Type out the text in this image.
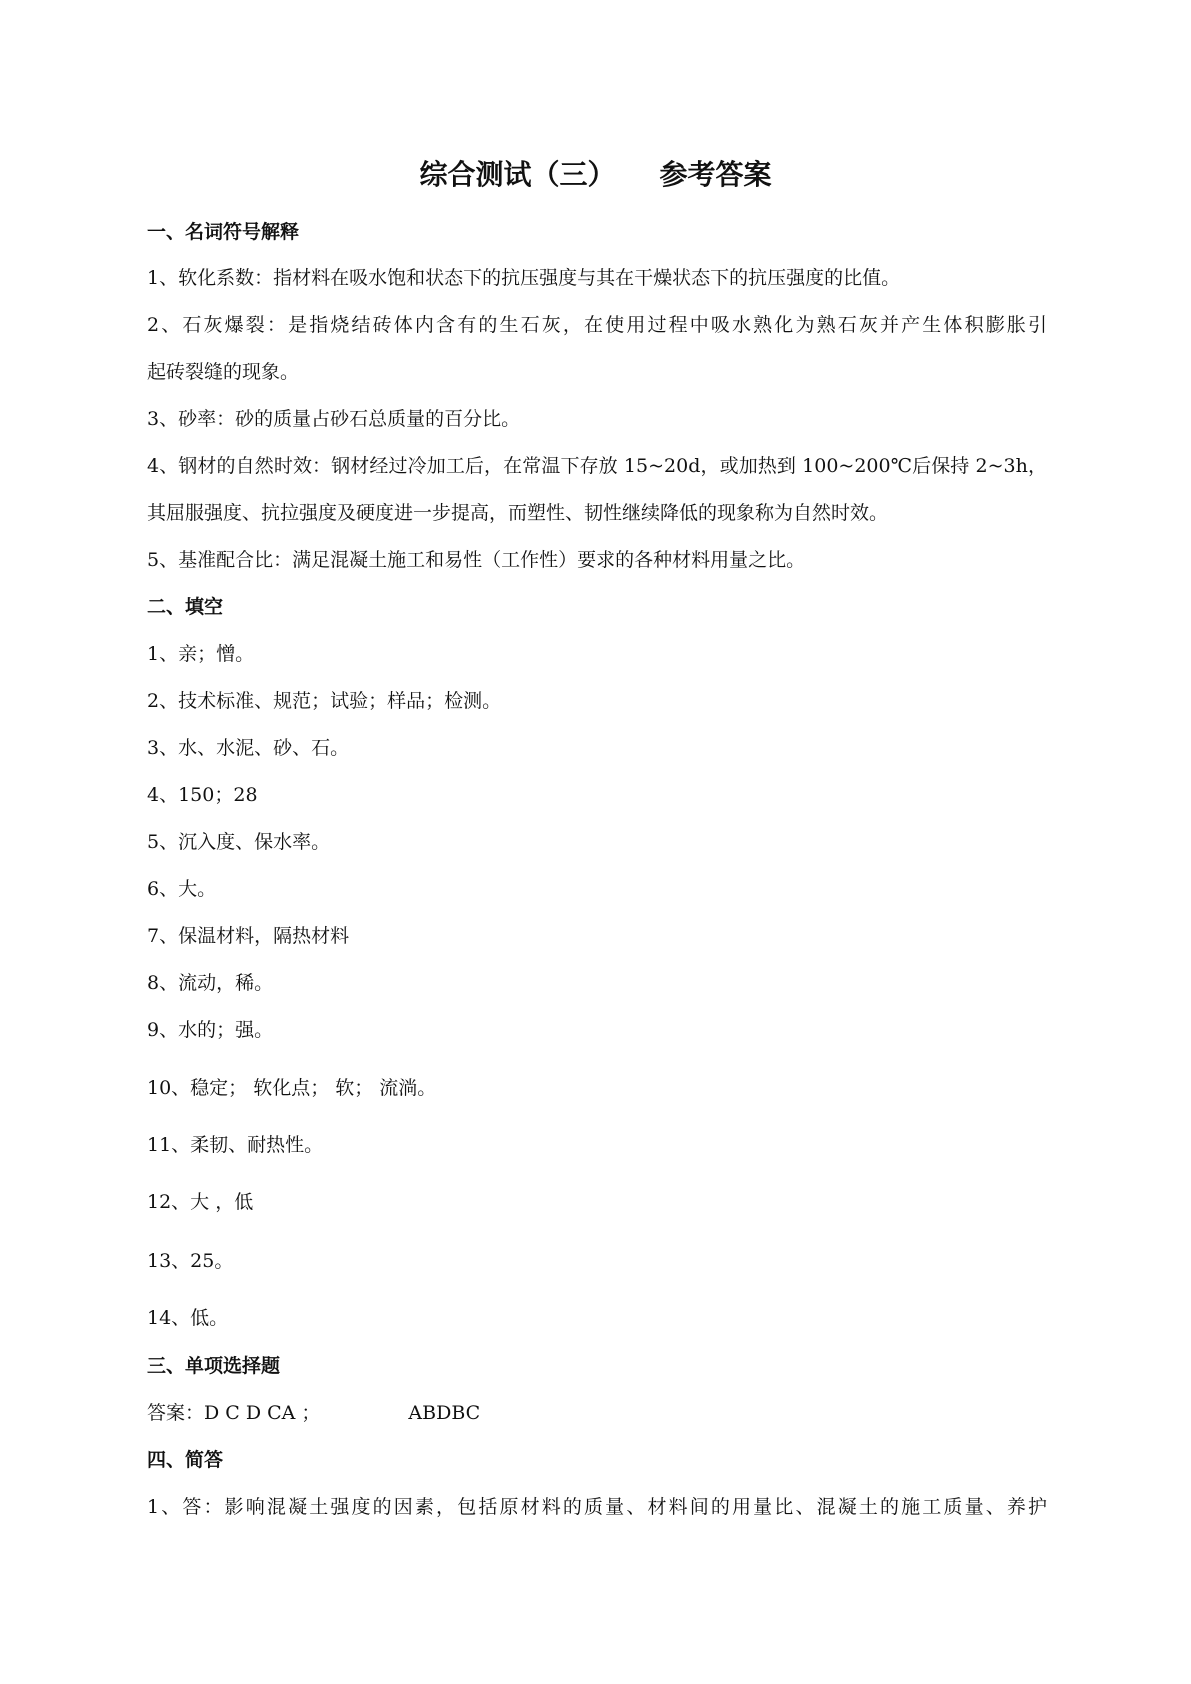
综合测试（三） 参考答案
一、名词符号解释
1、软化系数：指材料在吸水饱和状态下的抗压强度与其在干燥状态下的抗压强度的比值。
2、石灰爆裂：是指烧结砖体内含有的生石灰，在使用过程中吸水熟化为熟石灰并产生体积膨胀引
起砖裂缝的现象。
3、砂率：砂的质量占砂石总质量的百分比。
4、钢材的自然时效：钢材经过冷加工后，在常温下存放 15~20d，或加热到 100~200℃后保持 2~3h，
其屈服强度、抗拉强度及硬度进一步提高，而塑性、韧性继续降低的现象称为自然时效。
5、基准配合比：满足混凝土施工和易性（工作性）要求的各种材料用量之比。
二、填空
1、亲；憎。
2、技术标准、规范；试验；样品；检测。
3、水、水泥、砂、石。
4、150；28
5、沉入度、保水率。
6、大。
7、保温材料，隔热材料
8、流动，稀。
9、水的；强。
10、稳定； 软化点； 软； 流淌。
11、柔韧、耐热性。
12、大 ，低
13、25。
14、低。
三、单项选择题
答案：D C D CA ；	ABDBC
四、简答
1、答：影响混凝土强度的因素，包括原材料的质量、材料间的用量比、混凝土的施工质量、养护
